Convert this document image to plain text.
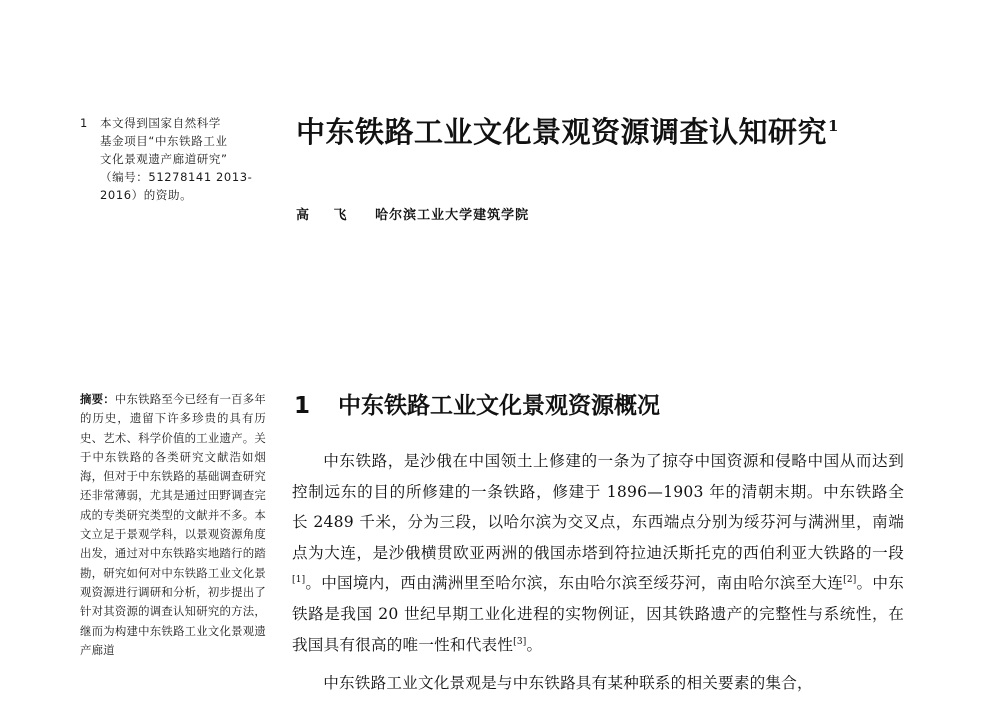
1	本文得到国家自然科学
基金项目“中东铁路工业
文化景观遗产廊道研究”
（编号：51278141 2013-
2016）的资助。
中东铁路工业文化景观资源调查认知研究$^1$
高 飞 哈尔滨工业大学建筑学院
摘要：中东铁路至今已经有一百多年的历史，遗留下许多珍贵的具有历史、艺术、科学价值的工业遗产。关于中东铁路的各类研究文献浩如烟海，但对于中东铁路的基础调查研究还非常薄弱，尤其是通过田野调查完成的专类研究类型的文献并不多。本文立足于景观学科，以景观资源角度出发，通过对中东铁路实地踏行的踏勘，研究如何对中东铁路工业文化景观资源进行调研和分析，初步提出了针对其资源的调查认知研究的方法，继而为构建中东铁路工业文化景观遗产廊道
1 中东铁路工业文化景观资源概况

中东铁路，是沙俄在中国领土上修建的一条为了掠夺中国资源和侵略中国从而达到控制远东的目的所修建的一条铁路，修建于 1896—1903 年的清朝末期。中东铁路全长 2489 千米，分为三段，以哈尔滨为交叉点，东西端点分别为绥芬河与满洲里，南端点为大连，是沙俄横贯欧亚两洲的俄国赤塔到符拉迪沃斯托克的西伯利亚大铁路的一段[1]。中国境内，西由满洲里至哈尔滨，东由哈尔滨至绥芬河，南由哈尔滨至大连[2]。中东铁路是我国 20 世纪早期工业化进程的实物例证，因其铁路遗产的完整性与系统性，在我国具有很高的唯一性和代表性[3]。

中东铁路工业文化景观是与中东铁路具有某种联系的相关要素的集合，
